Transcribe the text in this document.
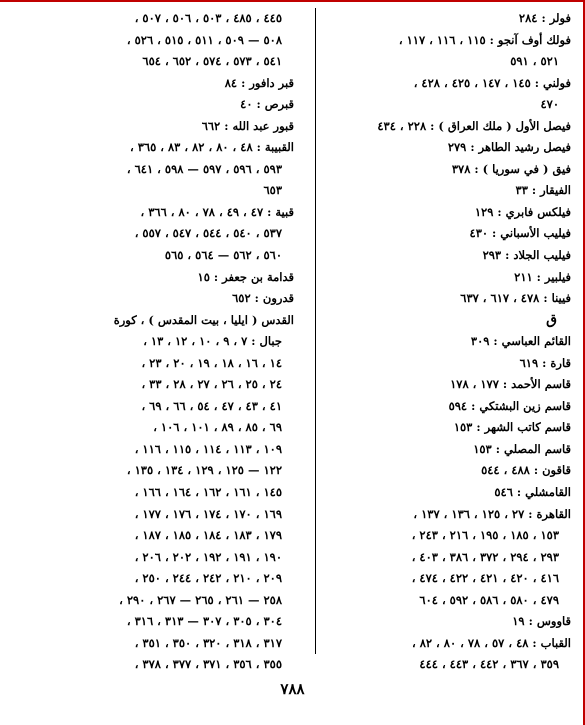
فولر : ٢٨٤
فولك أوف آنجو : ١١٥ ، ١١٦ ، ١١٧ ،
٥٢١ ، ٥٩١
فولني : ١٤٥ ، ١٤٧ ، ٤٢٥ ، ٤٢٨ ،
٤٧٠
فيصل الأول ( ملك العراق ) : ٢٢٨ ، ٤٣٤
فيصل رشيد الطاهر : ٢٧٩
فيق ( في سوريا ) : ٣٧٨
الفيقار : ٣٣
فيلكس فابري : ١٢٩
فيليب الأسباني : ٤٣٠
فيليب الجلاد : ٢٩٣
فيلبير : ٢١١
فيينا : ٤٧٨ ، ٦١٧ ، ٦٣٧
ق
القائم العباسي : ٣٠٩
قارة : ٦١٩
قاسم الأحمد : ١٧٧ ، ١٧٨
قاسم زين البشتكي : ٥٩٤
قاسم كاتب الشهر : ١٥٣
قاسم المصلي : ١٥٣
قاقون : ٤٨٨ ، ٥٤٤
القامشلي : ٥٤٦
القاهرة : ٢٧ ، ١٢٥ ، ١٣٦ ، ١٣٧ ،
١٥٣ ، ١٨٥ ، ١٩٥ ، ٢١٦ ، ٢٤٣ ،
٢٩٣ ، ٢٩٤ ، ٣٧٢ ، ٣٨٦ ، ٤٠٣ ،
٤١٦ ، ٤٢٠ ، ٤٢١ ، ٤٢٢ ، ٤٧٤ ،
٤٧٩ ، ٥٨٠ ، ٥٨٦ ، ٥٩٢ ، ٦٠٤
قاووس : ١٩
القباب : ٤٨ ، ٥٧ ، ٧٨ ، ٨٠ ، ٨٢ ،
٣٥٩ ، ٣٦٧ ، ٤٤٢ ، ٤٤٣ ، ٤٤٤
٤٤٥ ، ٤٨٥ ، ٥٠٣ ، ٥٠٦ ، ٥٠٧ ،
٥٠٨ — ٥٠٩ ، ٥١١ ، ٥١٥ ، ٥٢٦ ،
٥٤١ ، ٥٧٣ ، ٥٧٤ ، ٦٥٢ ، ٦٥٤
قبر دافور : ٨٤
قبرص : ٤٠
قبور عبد الله : ٦٦٢
القبيبة : ٤٨ ، ٨٠ ، ٨٢ ، ٨٣ ، ٣٦٥ ،
٥٩٣ ، ٥٩٦ ، ٥٩٧ — ٥٩٨ ، ٦٤١ ،
٦٥٣
قبية : ٤٧ ، ٤٩ ، ٧٨ ، ٨٠ ، ٣٦٦ ،
٥٣٧ ، ٥٤٠ ، ٥٤٤ ، ٥٤٧ ، ٥٥٧ ،
٥٦٠ ، ٥٦٢ — ٥٦٤ ، ٥٦٥
قدامة بن جعفر : ١٥
قدرون : ٦٥٢
القدس ( ايليا ، بيت المقدس ) ، كورة
جبال : ٧ ، ٩ ، ١٠ ، ١٢ ، ١٣ ،
١٤ ، ١٦ ، ١٨ ، ١٩ ، ٢٠ ، ٢٣ ،
٢٤ ، ٢٥ ، ٢٦ ، ٢٧ ، ٢٨ ، ٣٣ ،
٤١ ، ٤٣ ، ٤٧ ، ٥٤ ، ٦٦ ، ٦٩ ،
٦٩ ، ٨٥ ، ٨٩ ، ١٠١ ، ١٠٦ ،
١٠٩ ، ١١٣ ، ١١٤ ، ١١٥ ، ١١٦ ،
١٢٢ — ١٢٥ ، ١٢٩ ، ١٣٤ ، ١٣٥ ،
١٤٥ ، ١٦١ ، ١٦٢ ، ١٦٤ ، ١٦٦ ،
١٦٩ ، ١٧٠ ، ١٧٤ ، ١٧٦ ، ١٧٧ ،
١٧٩ ، ١٨٣ ، ١٨٤ ، ١٨٥ ، ١٨٧ ،
١٩٠ ، ١٩١ ، ١٩٢ ، ٢٠٢ ، ٢٠٦ ،
٢٠٩ ، ٢١٠ ، ٢٤٢ ، ٢٤٤ ، ٢٥٠ ،
٢٥٨ — ٢٦١ ، ٢٦٥ — ٢٦٧ ، ٢٩٠ ،
٣٠٤ ، ٣٠٥ ، ٣٠٧ — ٣١٣ ، ٣١٦ ،
٣١٧ ، ٣١٨ ، ٣٢٠ ، ٣٥٠ ، ٣٥١ ،
٣٥٥ ، ٣٥٦ ، ٣٧١ ، ٣٧٧ ، ٣٧٨ ،
٧٨٨
